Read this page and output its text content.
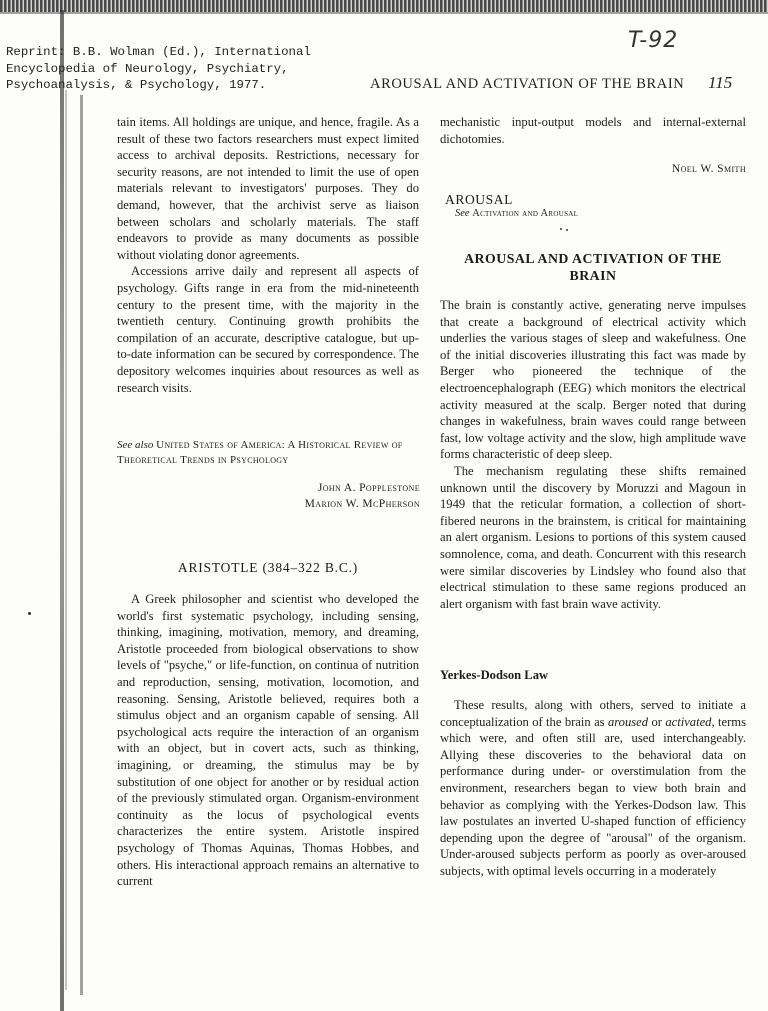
T-92
Reprint: B.B. Wolman (Ed.), International
Encyclopedia of Neurology, Psychiatry,
Psychoanalysis, & Psychology, 1977.	AROUSAL AND ACTIVATION OF THE BRAIN 115

tain items. All holdings are unique, and hence, fragile. As a result of these two factors researchers must expect limited access to archival deposits. Restrictions, necessary for security reasons, are not intended to limit the use of open materials relevant to investigators' purposes. They do demand, however, that the archivist serve as liaison between scholars and scholarly materials. The staff endeavors to provide as many documents as possible without violating donor agreements.

Accessions arrive daily and represent all aspects of psychology. Gifts range in era from the mid-nineteenth century to the present time, with the majority in the twentieth century. Continuing growth prohibits the compilation of an accurate, descriptive catalogue, but up-to-date information can be secured by correspondence. The depository welcomes inquiries about resources as well as research visits.

See also United States of America: A Historical Review of Theoretical Trends in Psychology
John A. Popplestone
Marion W. McPherson
ARISTOTLE (384–322 B.C.)

A Greek philosopher and scientist who developed the world's first systematic psychology, including sensing, thinking, imagining, motivation, memory, and dreaming, Aristotle proceeded from biological observations to show levels of "psyche," or life-function, on continua of nutrition and reproduction, sensing, motivation, locomotion, and reasoning. Sensing, Aristotle believed, requires both a stimulus object and an organism capable of sensing. All psychological acts require the interaction of an organism with an object, but in covert acts, such as thinking, imagining, or dreaming, the stimulus may be by substitution of one object for another or by residual action of the previously stimulated organ. Organism-environment continuity as the locus of psychological events characterizes the entire system. Aristotle inspired psychology of Thomas Aquinas, Thomas Hobbes, and others. His interactional approach remains an alternative to current

mechanistic input-output models and internal-external dichotomies.

Noel W. Smith
AROUSAL
See Activation and Arousal
AROUSAL AND ACTIVATION OF THE BRAIN

The brain is constantly active, generating nerve impulses that create a background of electrical activity which underlies the various stages of sleep and wakefulness. One of the initial discoveries illustrating this fact was made by Berger who pioneered the technique of the electroencephalograph (EEG) which monitors the electrical activity measured at the scalp. Berger noted that during changes in wakefulness, brain waves could range between fast, low voltage activity and the slow, high amplitude wave forms characteristic of deep sleep.

The mechanism regulating these shifts remained unknown until the discovery by Moruzzi and Magoun in 1949 that the reticular formation, a collection of short-fibered neurons in the brainstem, is critical for maintaining an alert organism. Lesions to portions of this system caused somnolence, coma, and death. Concurrent with this research were similar discoveries by Lindsley who found also that electrical stimulation to these same regions produced an alert organism with fast brain wave activity.

Yerkes-Dodson Law

These results, along with others, served to initiate a conceptualization of the brain as aroused or activated, terms which were, and often still are, used interchangeably. Allying these discoveries to the behavioral data on performance during under- or overstimulation from the environment, researchers began to view both brain and behavior as complying with the Yerkes-Dodson law. This law postulates an inverted U-shaped function of efficiency depending upon the degree of "arousal" of the organism. Under-aroused subjects perform as poorly as over-aroused subjects, with optimal levels occurring in a moderately
